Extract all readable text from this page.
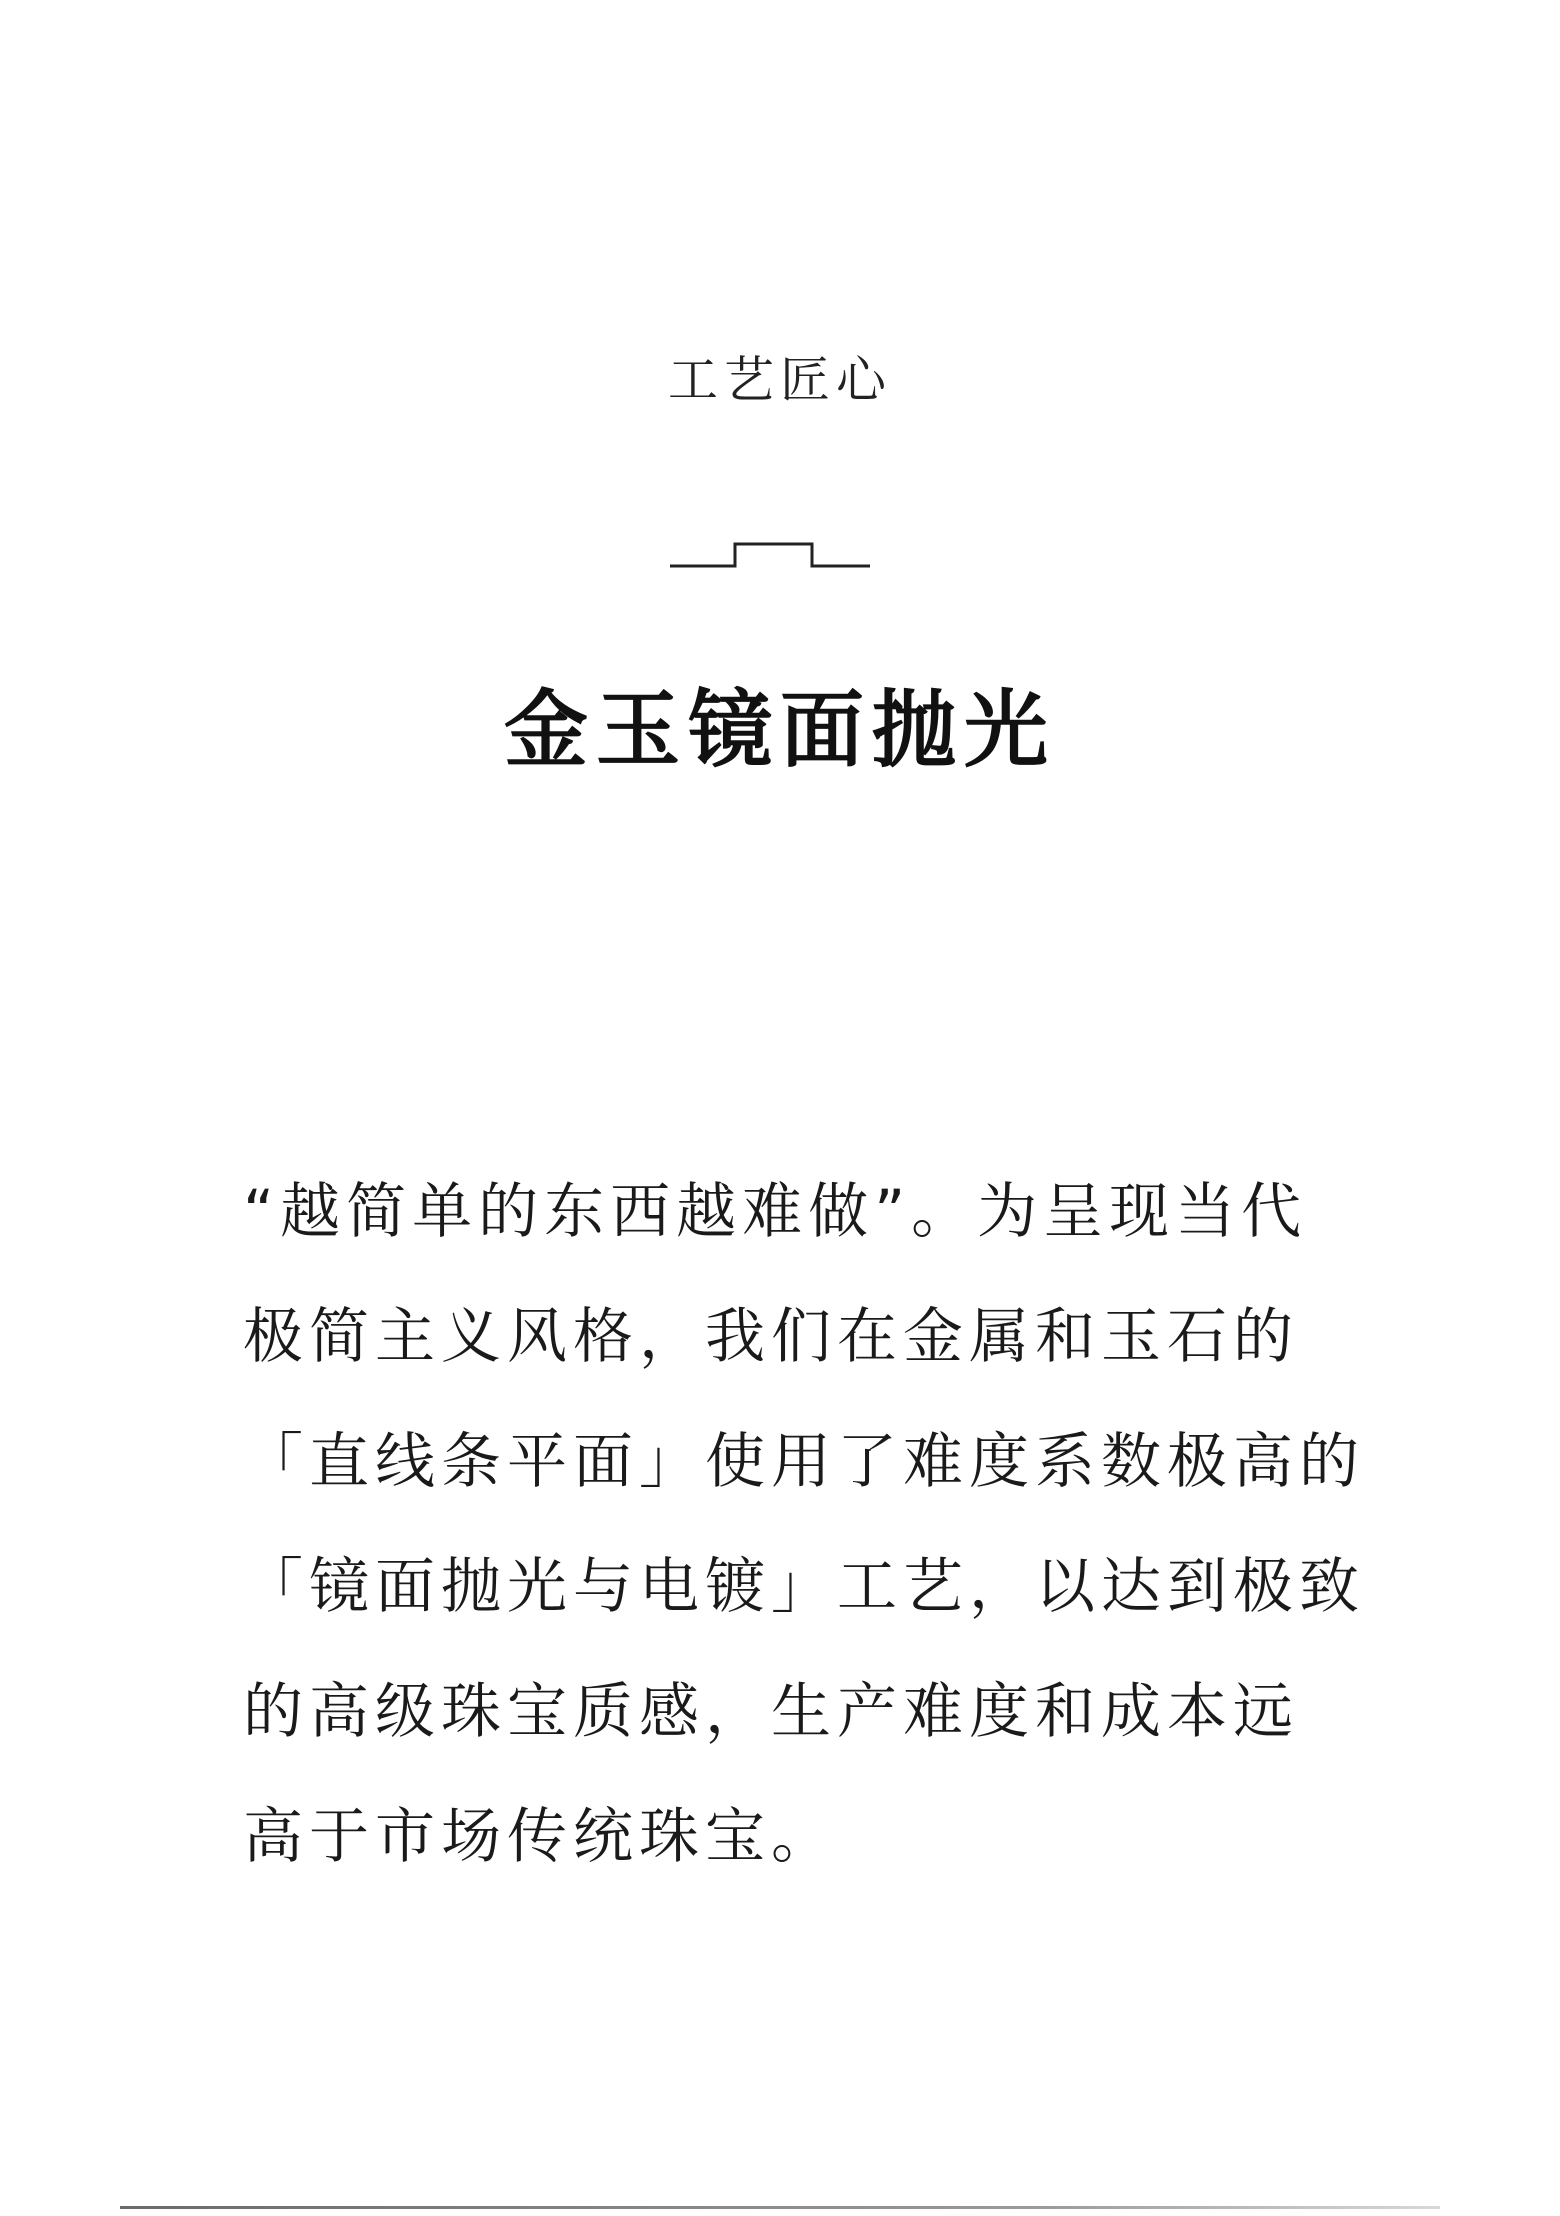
工艺匠心
金玉镜面抛光
“越简单的东西越难做”。为呈现当代
极简主义风格，我们在金属和玉石的
「直线条平面」使用了难度系数极高的
「镜面抛光与电镀」工艺，以达到极致
的高级珠宝质感，生产难度和成本远
高于市场传统珠宝。
